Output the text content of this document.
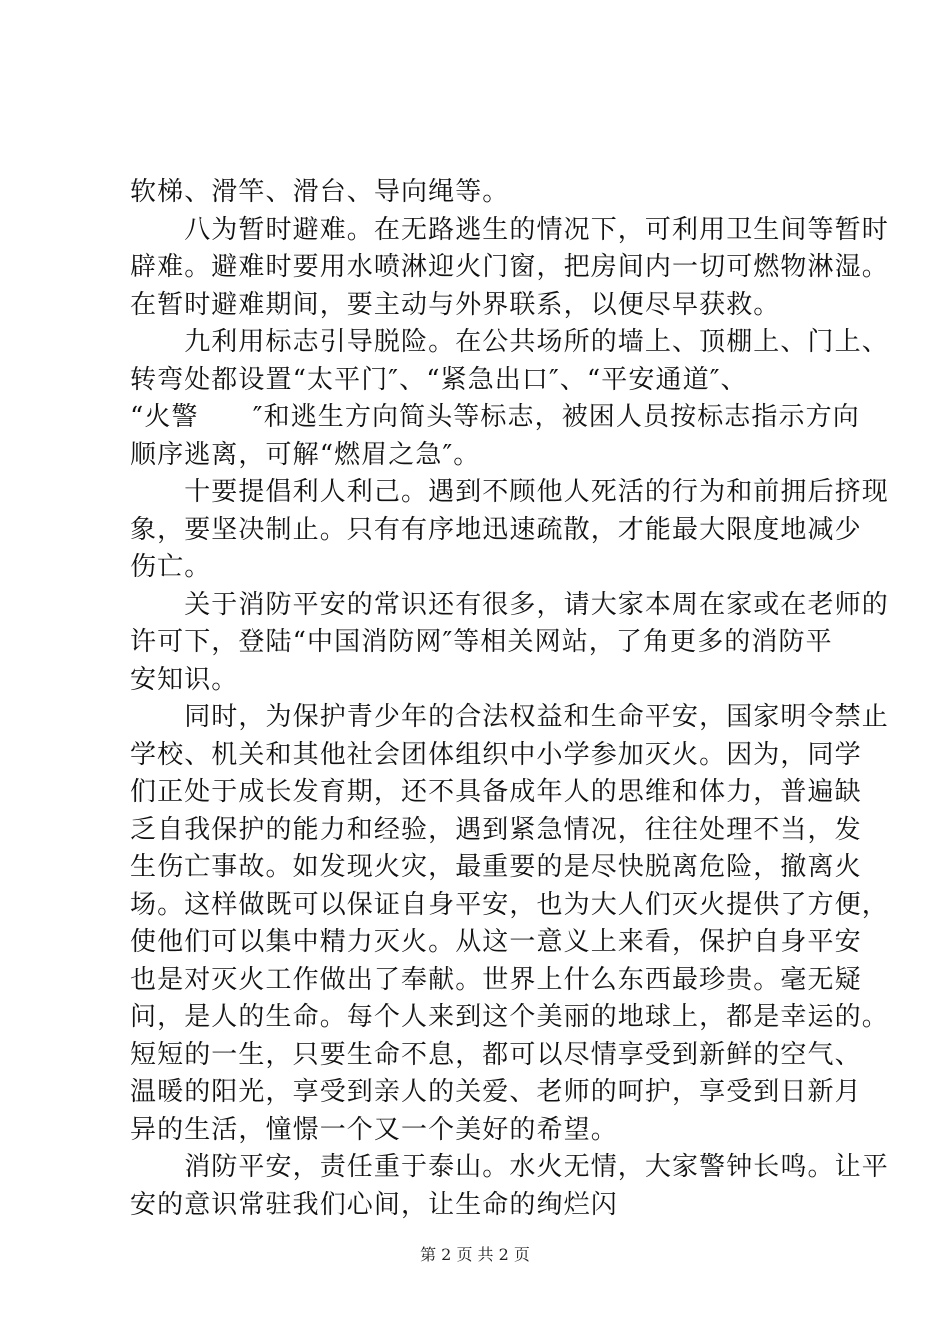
软梯、滑竿、滑台、导向绳等。
　　八为暂时避难。在无路逃生的情况下，可利用卫生间等暂时
辟难。避难时要用水喷淋迎火门窗，把房间内一切可燃物淋湿。
在暂时避难期间，要主动与外界联系，以便尽早获救。
　　九利用标志引导脱险。在公共场所的墙上、顶棚上、门上、
转弯处都设置“太平门″、“紧急出口″、“平安通道″、
“火警　　″和逃生方向简头等标志，被困人员按标志指示方向
顺序逃离，可解“燃眉之急″。
　　十要提倡利人利己。遇到不顾他人死活的行为和前拥后挤现
象，要坚决制止。只有有序地迅速疏散，才能最大限度地减少
伤亡。
　　关于消防平安的常识还有很多，请大家本周在家或在老师的
许可下，登陆“中国消防网″等相关网站，了角更多的消防平
安知识。
　　同时，为保护青少年的合法权益和生命平安，国家明令禁止
学校、机关和其他社会团体组织中小学参加灭火。因为，同学
们正处于成长发育期，还不具备成年人的思维和体力，普遍缺
乏自我保护的能力和经验，遇到紧急情况，往往处理不当，发
生伤亡事故。如发现火灾，最重要的是尽快脱离危险，撤离火
场。这样做既可以保证自身平安，也为大人们灭火提供了方便，
使他们可以集中精力灭火。从这一意义上来看，保护自身平安
也是对灭火工作做出了奉献。世界上什么东西最珍贵。毫无疑
问，是人的生命。每个人来到这个美丽的地球上，都是幸运的。
短短的一生，只要生命不息，都可以尽情享受到新鲜的空气、
温暖的阳光，享受到亲人的关爱、老师的呵护，享受到日新月
异的生活，憧憬一个又一个美好的希望。
　　消防平安，责任重于泰山。水火无情，大家警钟长鸣。让平
安的意识常驻我们心间，让生命的绚烂闪
第 2 页 共 2 页
